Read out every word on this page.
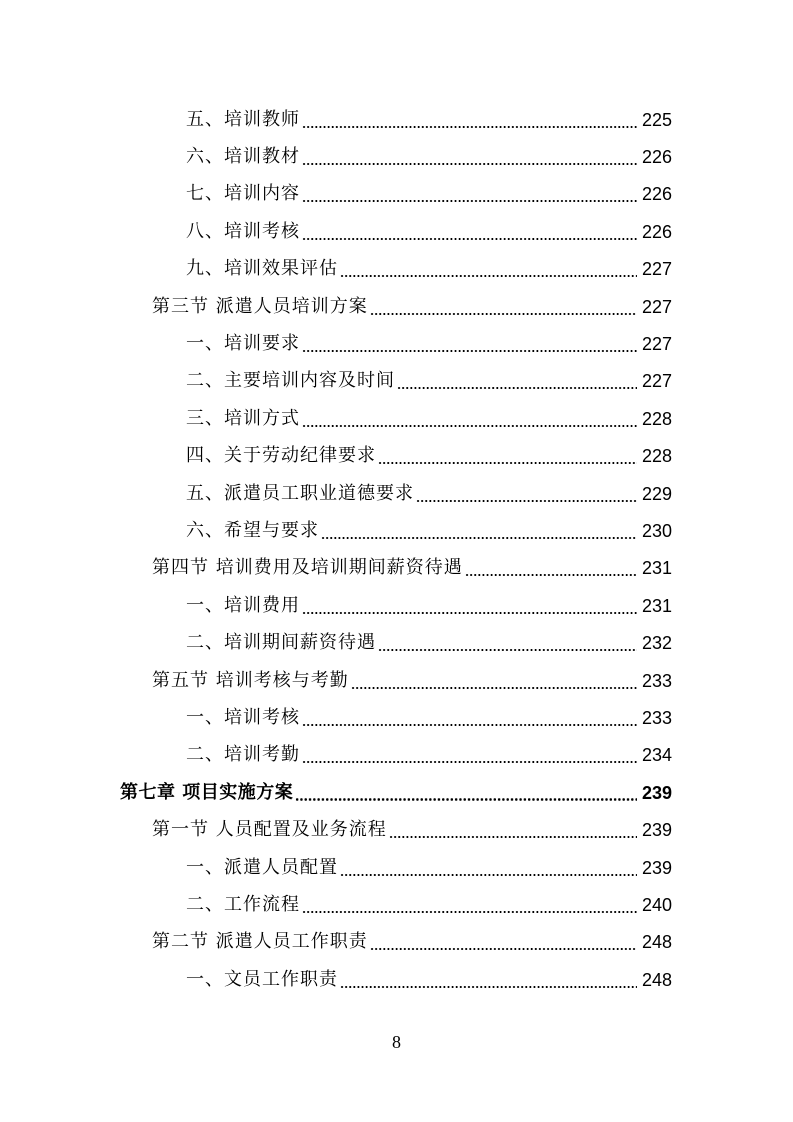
五、培训教师	225
六、培训教材	226
七、培训内容	226
八、培训考核	226
九、培训效果评估	227
第三节 派遣人员培训方案	227
一、培训要求	227
二、主要培训内容及时间	227
三、培训方式	228
四、关于劳动纪律要求	228
五、派遣员工职业道德要求	229
六、希望与要求	230
第四节 培训费用及培训期间薪资待遇	231
一、培训费用	231
二、培训期间薪资待遇	232
第五节 培训考核与考勤	233
一、培训考核	233
二、培训考勤	234
第七章 项目实施方案	239
第一节 人员配置及业务流程	239
一、派遣人员配置	239
二、工作流程	240
第二节 派遣人员工作职责	248
一、文员工作职责	248
8
